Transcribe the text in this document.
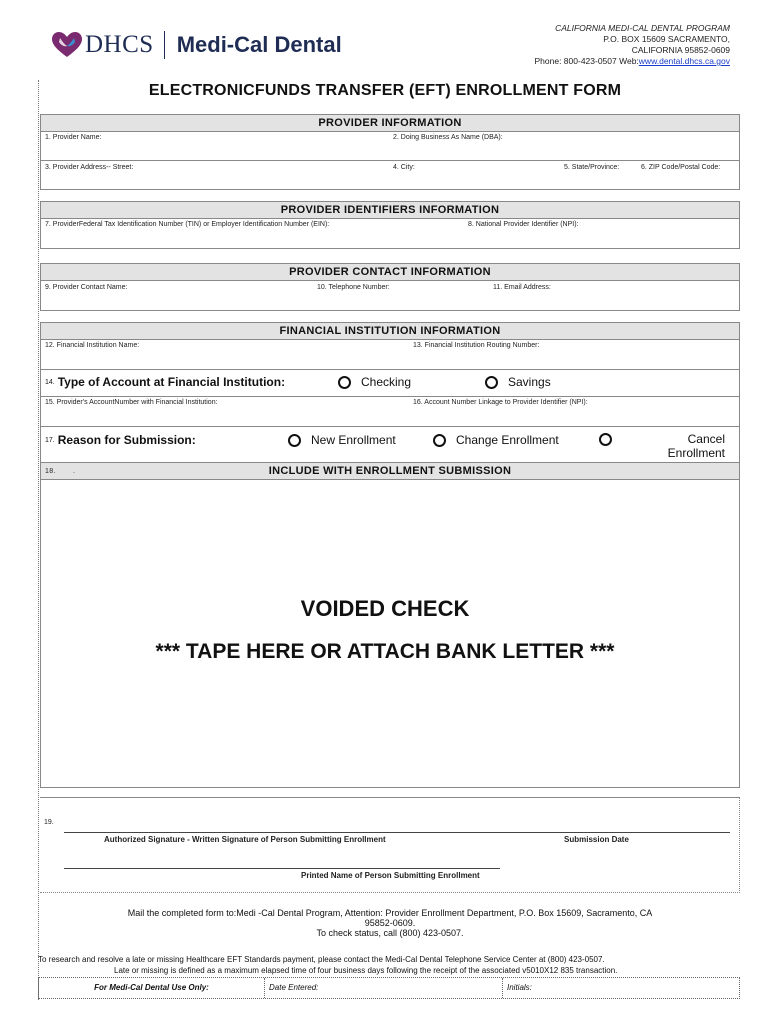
DHCS Medi-Cal Dental
CALIFORNIA MEDI-CAL DENTAL PROGRAM
P.O. BOX 15609 SACRAMENTO,
CALIFORNIA 95852-0609
Phone: 800-423-0507 Web:www.dental.dhcs.ca.gov
ELECTRONICFUNDS TRANSFER (EFT) ENROLLMENT FORM
PROVIDER INFORMATION
1. Provider Name:	2. Doing Business As Name (DBA):
3. Provider Address-- Street:	4. City:	5. State/Province:	6. ZIP Code/Postal Code:
PROVIDER IDENTIFIERS INFORMATION
7. ProviderFederal Tax Identification Number (TIN) or Employer Identification Number (EIN):	8. National Provider Identifier (NPI):
PROVIDER CONTACT INFORMATION
9. Provider Contact Name:	10. Telephone Number:	11. Email Address:
FINANCIAL INSTITUTION INFORMATION
12. Financial Institution Name:	13. Financial Institution Routing Number:
14. Type of Account at Financial Institution:	Checking	Savings
15. Provider's AccountNumber with Financial Institution:	16. Account Number Linkage to Provider Identifier (NPI):
17. Reason for Submission:	New Enrollment	Change Enrollment	Cancel
Enrollment
18. .	INCLUDE WITH ENROLLMENT SUBMISSION
VOIDED CHECK
*** TAPE HERE OR ATTACH BANK LETTER ***
19.
Authorized Signature - Written Signature of Person Submitting Enrollment	Submission Date
Printed Name of Person Submitting Enrollment
Mail the completed form to:Medi -Cal Dental Program, Attention: Provider Enrollment Department, P.O. Box 15609, Sacramento, CA
95852-0609.
To check status, call (800) 423-0507.
To research and resolve a late or missing Healthcare EFT Standards payment, please contact the Medi-Cal Dental Telephone Service Center at (800) 423-0507.
Late or missing is defined as a maximum elapsed time of four business days following the receipt of the associated v5010X12 835 transaction.
For Medi-Cal Dental Use Only:	Date Entered:	Initials:
